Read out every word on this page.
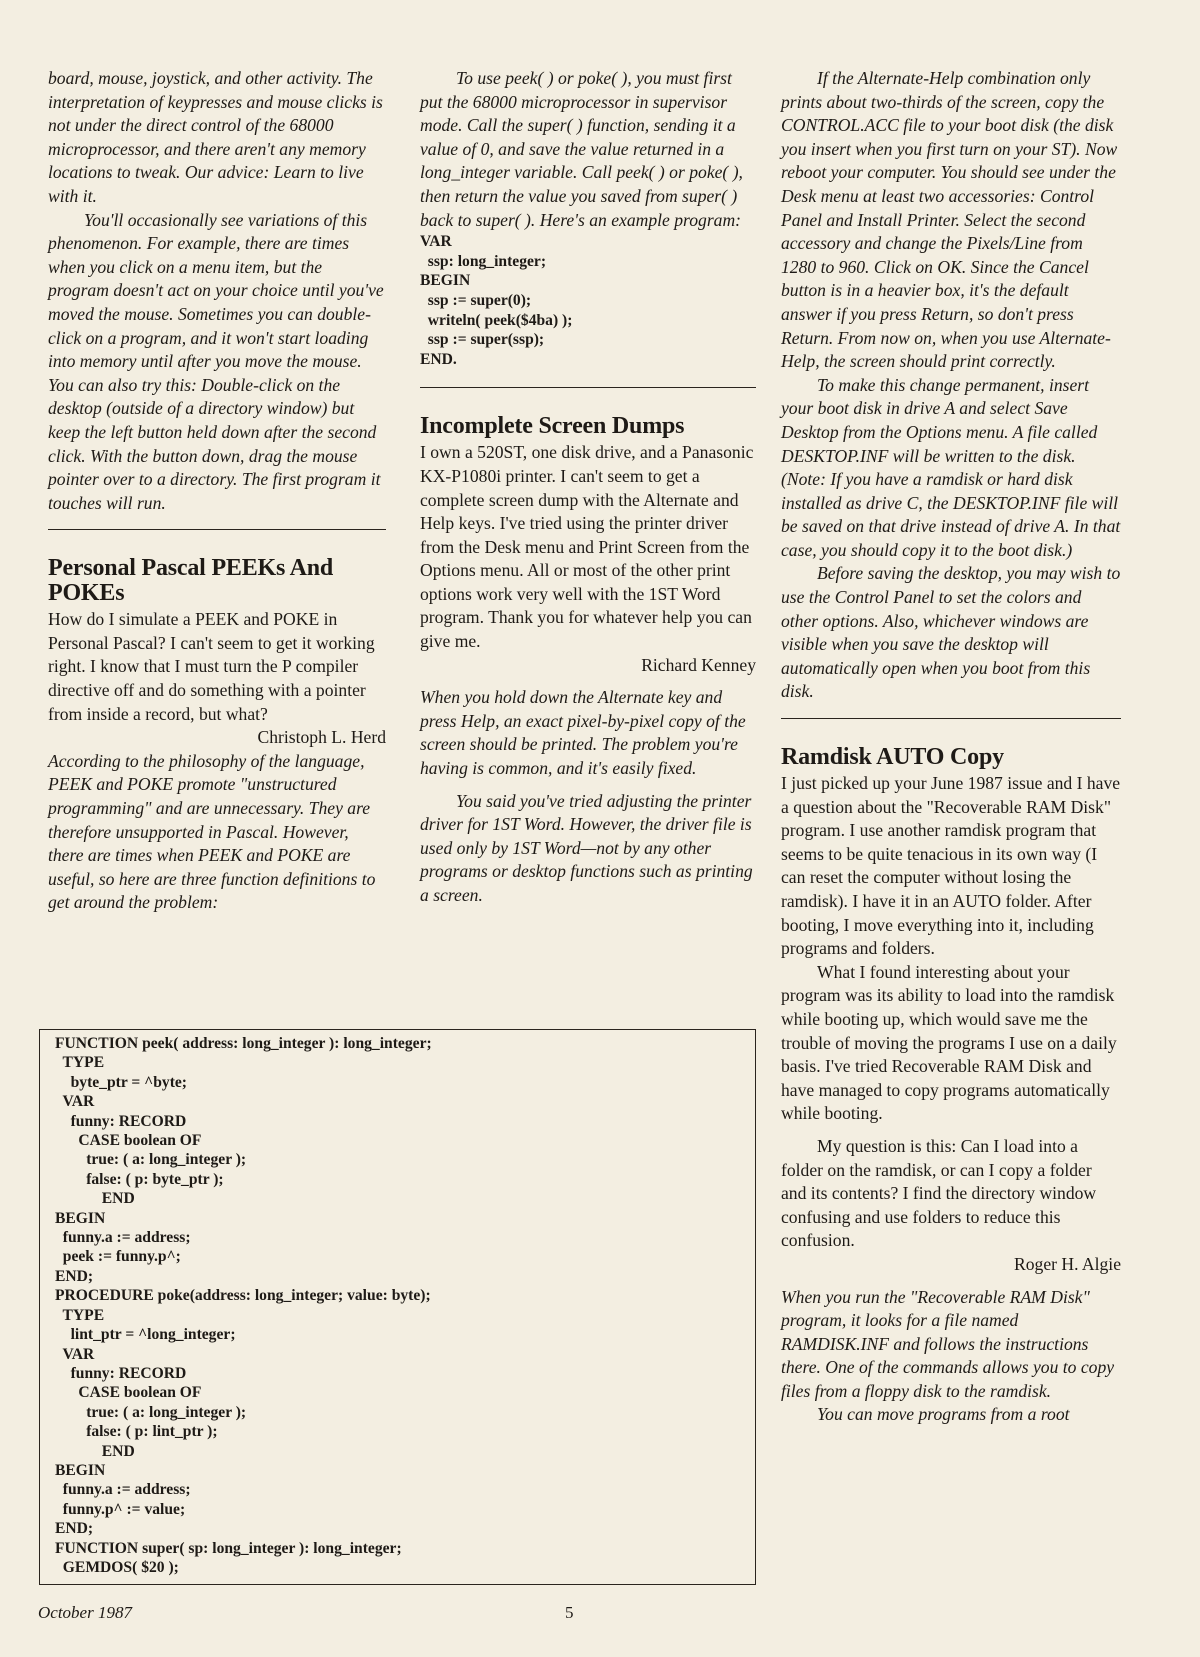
board, mouse, joystick, and other activity. The interpretation of keypresses and mouse clicks is not under the direct control of the 68000 microprocessor, and there aren't any memory locations to tweak. Our advice: Learn to live with it.

You'll occasionally see variations of this phenomenon. For example, there are times when you click on a menu item, but the program doesn't act on your choice until you've moved the mouse. Sometimes you can double-click on a program, and it won't start loading into memory until after you move the mouse. You can also try this: Double-click on the desktop (outside of a directory window) but keep the left button held down after the second click. With the button down, drag the mouse pointer over to a directory. The first program it touches will run.

Personal Pascal PEEKs And POKEs

How do I simulate a PEEK and POKE in Personal Pascal? I can't seem to get it working right. I know that I must turn the P compiler directive off and do something with a pointer from inside a record, but what?

Christoph L. Herd

According to the philosophy of the language, PEEK and POKE promote "unstructured programming" and are unnecessary. They are therefore unsupported in Pascal. However, there are times when PEEK and POKE are useful, so here are three function definitions to get around the problem:

To use peek( ) or poke( ), you must first put the 68000 microprocessor in supervisor mode. Call the super( ) function, sending it a value of 0, and save the value returned in a long_integer variable. Call peek( ) or poke( ), then return the value you saved from super( ) back to super( ). Here's an example program:

VAR
ssp: long_integer;
BEGIN
ssp := super(0);
writeln( peek($4ba) );
ssp := super(ssp);
END.
Incomplete Screen Dumps

I own a 520ST, one disk drive, and a Panasonic KX-P1080i printer. I can't seem to get a complete screen dump with the Alternate and Help keys. I've tried using the printer driver from the Desk menu and Print Screen from the Options menu. All or most of the other print options work very well with the 1ST Word program. Thank you for whatever help you can give me.

Richard Kenney

When you hold down the Alternate key and press Help, an exact pixel-by-pixel copy of the screen should be printed. The problem you're having is common, and it's easily fixed.

You said you've tried adjusting the printer driver for 1ST Word. However, the driver file is used only by 1ST Word—not by any other programs or desktop functions such as printing a screen.

If the Alternate-Help combination only prints about two-thirds of the screen, copy the CONTROL.ACC file to your boot disk (the disk you insert when you first turn on your ST). Now reboot your computer. You should see under the Desk menu at least two accessories: Control Panel and Install Printer. Select the second accessory and change the Pixels/Line from 1280 to 960. Click on OK. Since the Cancel button is in a heavier box, it's the default answer if you press Return, so don't press Return. From now on, when you use Alternate-Help, the screen should print correctly.

To make this change permanent, insert your boot disk in drive A and select Save Desktop from the Options menu. A file called DESKTOP.INF will be written to the disk. (Note: If you have a ramdisk or hard disk installed as drive C, the DESKTOP.INF file will be saved on that drive instead of drive A. In that case, you should copy it to the boot disk.)

Before saving the desktop, you may wish to use the Control Panel to set the colors and other options. Also, whichever windows are visible when you save the desktop will automatically open when you boot from this disk.

Ramdisk AUTO Copy

I just picked up your June 1987 issue and I have a question about the "Recoverable RAM Disk" program. I use another ramdisk program that seems to be quite tenacious in its own way (I can reset the computer without losing the ramdisk). I have it in an AUTO folder. After booting, I move everything into it, including programs and folders.

What I found interesting about your program was its ability to load into the ramdisk while booting up, which would save me the trouble of moving the programs I use on a daily basis. I've tried Recoverable RAM Disk and have managed to copy programs automatically while booting.

My question is this: Can I load into a folder on the ramdisk, or can I copy a folder and its contents? I find the directory window confusing and use folders to reduce this confusion.

Roger H. Algie

When you run the "Recoverable RAM Disk" program, it looks for a file named RAMDISK.INF and follows the instructions there. One of the commands allows you to copy files from a floppy disk to the ramdisk.

You can move programs from a root

FUNCTION peek( address: long_integer ): long_integer;
TYPE
byte_ptr = ^byte;
VAR
funny: RECORD
CASE boolean OF
true: ( a: long_integer );
false: ( p: byte_ptr );
END
BEGIN
funny.a := address;
peek := funny.p^;
END;
PROCEDURE poke(address: long_integer; value: byte);
TYPE
lint_ptr = ^long_integer;
VAR
funny: RECORD
CASE boolean OF
true: ( a: long_integer );
false: ( p: lint_ptr );
END
BEGIN
funny.a := address;
funny.p^ := value;
END;
FUNCTION super( sp: long_integer ): long_integer;
GEMDOS( $20 );
October 1987	5
